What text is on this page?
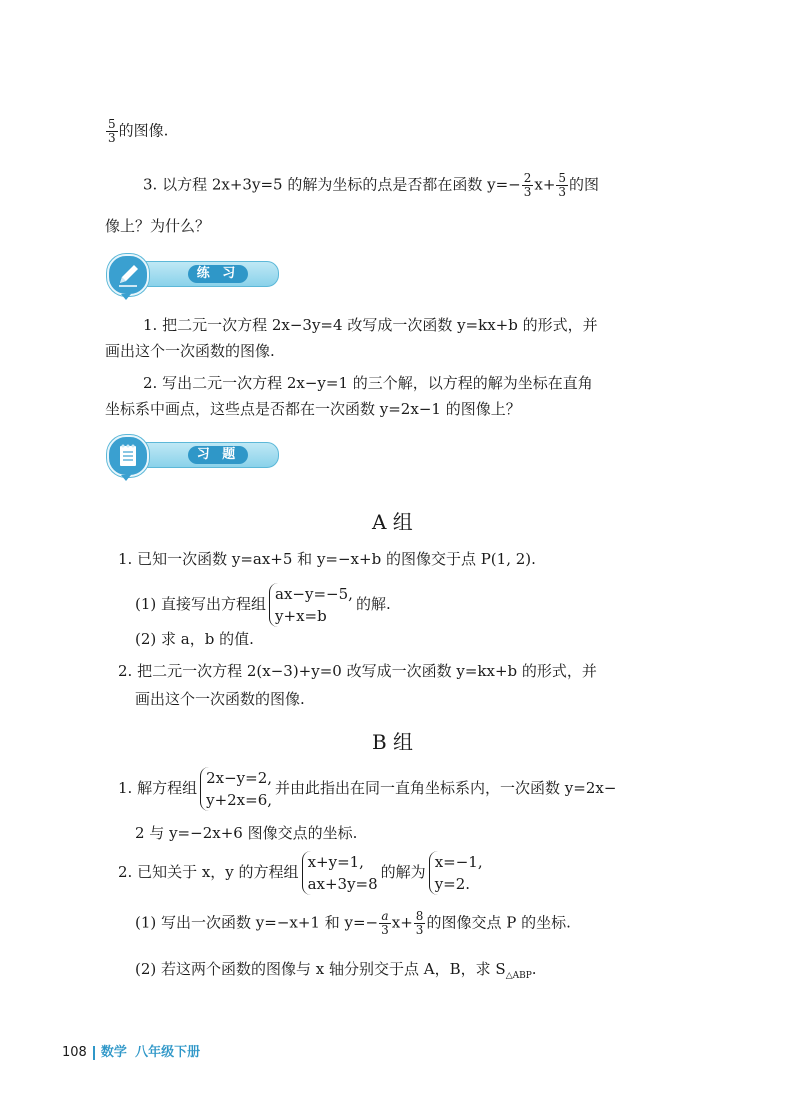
$\frac{5}{3}$ 的图像.
3. 以方程 2x+3y=5 的解为坐标的点是否都在函数 $y=- \frac{2}{3} x+ \frac{5}{3}$ 的图
像上？为什么？
练 习
1. 把二元一次方程 2x−3y=4 改写成一次函数 y=kx+b 的形式，并
画出这个一次函数的图像.
2. 写出二元一次方程 2x−y=1 的三个解，以方程的解为坐标在直角
坐标系中画点，这些点是否都在一次函数 y=2x−1 的图像上？
习 题
A 组
1. 已知一次函数 y=ax+5 和 y=−x+b 的图像交于点 P(1, 2).
(1) 直接写出方程组
ax−y=−5,
y+x=b
的解.
(2) 求 a，b 的值.
2. 把二元一次方程 2(x−3)+y=0 改写成一次函数 y=kx+b 的形式，并
画出这个一次函数的图像.
B 组
1. 解方程组
2x−y=2,
y+2x=6,
并由此指出在同一直角坐标系内，一次函数 y=2x−
2 与 y=−2x+6 图像交点的坐标.
2. 已知关于 x，y 的方程组
x+y=1,
ax+3y=8
的解为
x=−1,
y=2.
(1) 写出一次函数 y=−x+1 和 $y=- \frac{a}{3} x+ \frac{8}{3}$ 的图像交点 P 的坐标.
(2) 若这两个函数的图像与 x 轴分别交于点 A，B，求 $S_{\triangle ABP}$.
108 数学 八年级下册
